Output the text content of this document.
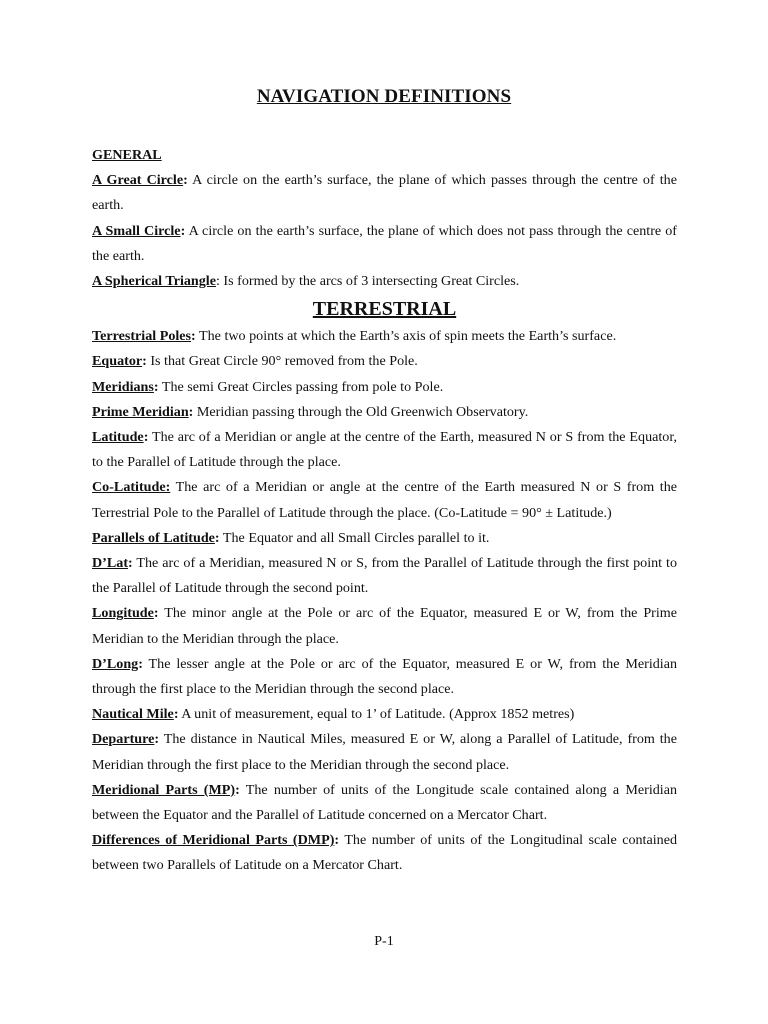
NAVIGATION DEFINITIONS

GENERAL

A Great Circle: A circle on the earth’s surface, the plane of which passes through the centre of the earth.

A Small Circle: A circle on the earth’s surface, the plane of which does not pass through the centre of the earth.

A Spherical Triangle: Is formed by the arcs of 3 intersecting Great Circles.

TERRESTRIAL

Terrestrial Poles: The two points at which the Earth’s axis of spin meets the Earth’s surface.

Equator: Is that Great Circle 90° removed from the Pole.

Meridians: The semi Great Circles passing from pole to Pole.

Prime Meridian: Meridian passing through the Old Greenwich Observatory.

Latitude: The arc of a Meridian or angle at the centre of the Earth, measured N or S from the Equator, to the Parallel of Latitude through the place.

Co-Latitude: The arc of a Meridian or angle at the centre of the Earth measured N or S from the Terrestrial Pole to the Parallel of Latitude through the place. (Co-Latitude = 90° ± Latitude.)

Parallels of Latitude: The Equator and all Small Circles parallel to it.

D’Lat: The arc of a Meridian, measured N or S, from the Parallel of Latitude through the first point to the Parallel of Latitude through the second point.

Longitude: The minor angle at the Pole or arc of the Equator, measured E or W, from the Prime Meridian to the Meridian through the place.

D’Long: The lesser angle at the Pole or arc of the Equator, measured E or W, from the Meridian through the first place to the Meridian through the second place.

Nautical Mile: A unit of measurement, equal to 1’ of Latitude. (Approx 1852 metres)

Departure: The distance in Nautical Miles, measured E or W, along a Parallel of Latitude, from the Meridian through the first place to the Meridian through the second place.

Meridional Parts (MP): The number of units of the Longitude scale contained along a Meridian between the Equator and the Parallel of Latitude concerned on a Mercator Chart.

Differences of Meridional Parts (DMP): The number of units of the Longitudinal scale contained between two Parallels of Latitude on a Mercator Chart.

P-1
